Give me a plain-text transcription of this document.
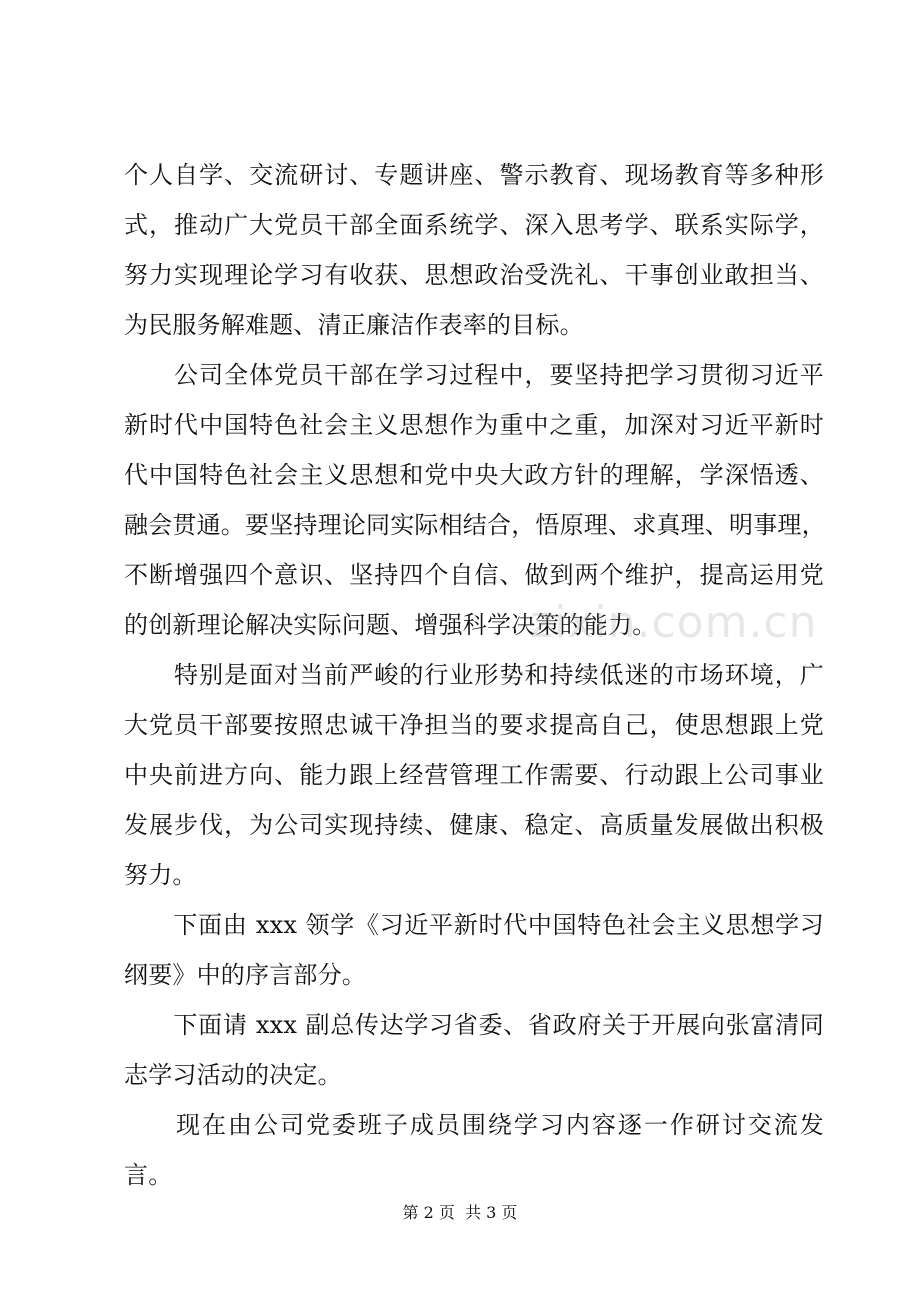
个人自学、交流研讨、专题讲座、警示教育、现场教育等多种形
式，推动广大党员干部全面系统学、深入思考学、联系实际学，
努力实现理论学习有收获、思想政治受洗礼、干事创业敢担当、
为民服务解难题、清正廉洁作表率的目标。
　　公司全体党员干部在学习过程中，要坚持把学习贯彻习近平
新时代中国特色社会主义思想作为重中之重，加深对习近平新时
代中国特色社会主义思想和党中央大政方针的理解，学深悟透、
融会贯通。要坚持理论同实际相结合，悟原理、求真理、明事理，
不断增强四个意识、坚持四个自信、做到两个维护，提高运用党
的创新理论解决实际问题、增强科学决策的能力。
　　特别是面对当前严峻的行业形势和持续低迷的市场环境，广
大党员干部要按照忠诚干净担当的要求提高自己，使思想跟上党
中央前进方向、能力跟上经营管理工作需要、行动跟上公司事业
发展步伐，为公司实现持续、健康、稳定、高质量发展做出积极
努力。
　　下面由 xxx 领学《习近平新时代中国特色社会主义思想学习
纲要》中的序言部分。
　　下面请 xxx 副总传达学习省委、省政府关于开展向张富清同
志学习活动的决定。
　　现在由公司党委班子成员围绕学习内容逐一作研讨交流发
言。
zixin.com.cn
第 2 页  共 3 页
